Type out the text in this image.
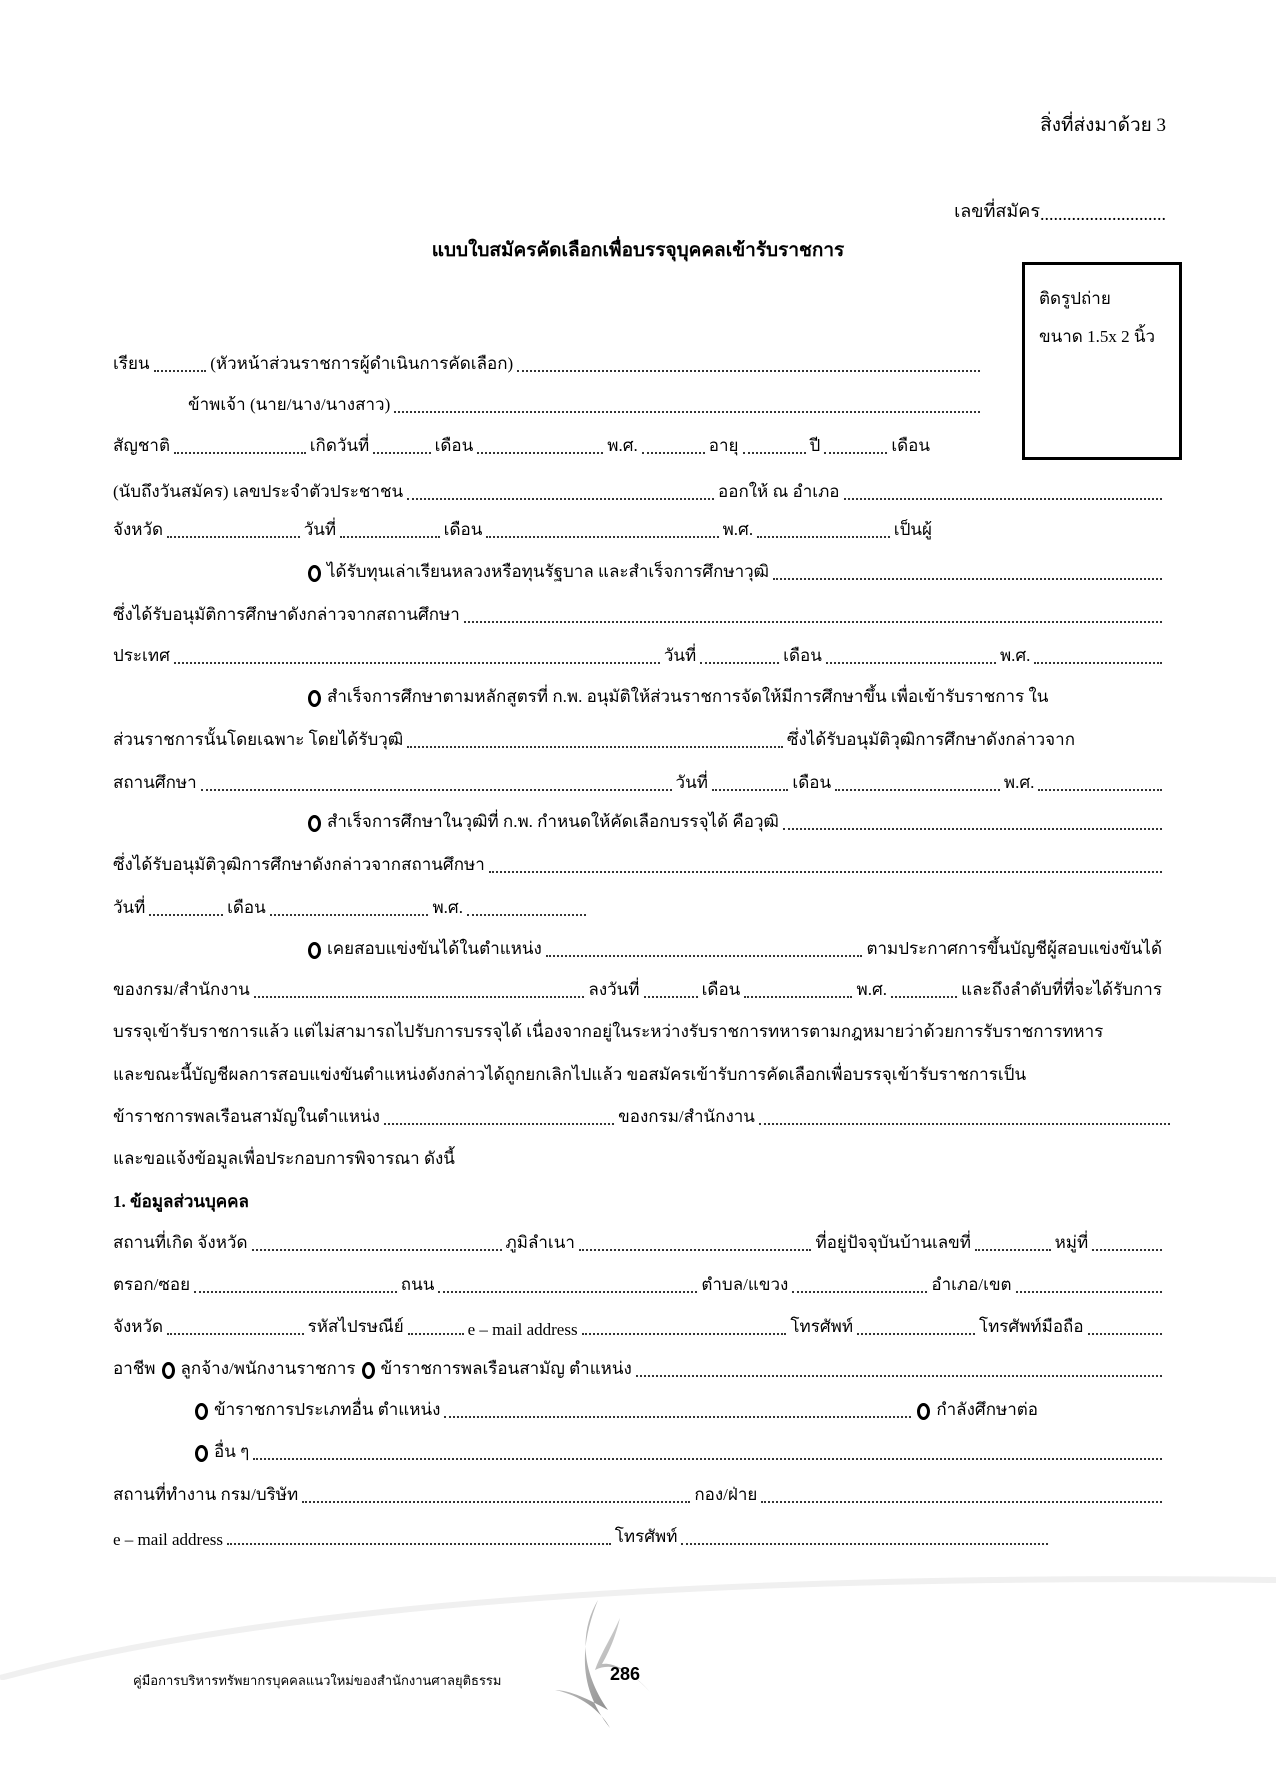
สิ่งที่ส่งมาด้วย 3
เลขที่สมัคร ............................
แบบใบสมัครคัดเลือกเพื่อบรรจุบุคคลเข้ารับราชการ
ติดรูปถ่าย
ขนาด 1.5x 2 นิ้ว
เรียน	(หัวหน้าส่วนราชการผู้ดำเนินการคัดเลือก)
ข้าพเจ้า (นาย/นาง/นางสาว)
สัญชาติ	เกิดวันที่	เดือน	พ.ศ.	อายุ	ปี	เดือน
(นับถึงวันสมัคร) เลขประจำตัวประชาชน	ออกให้ ณ อำเภอ
จังหวัด	วันที่	เดือน	พ.ศ.	เป็นผู้
ได้รับทุนเล่าเรียนหลวงหรือทุนรัฐบาล และสำเร็จการศึกษาวุฒิ
ซึ่งได้รับอนุมัติการศึกษาดังกล่าวจากสถานศึกษา
ประเทศ	วันที่	เดือน	พ.ศ.
สำเร็จการศึกษาตามหลักสูตรที่ ก.พ. อนุมัติให้ส่วนราชการจัดให้มีการศึกษาขึ้น เพื่อเข้ารับราชการ ใน
ส่วนราชการนั้นโดยเฉพาะ โดยได้รับวุฒิ	ซึ่งได้รับอนุมัติวุฒิการศึกษาดังกล่าวจาก
สถานศึกษา	วันที่	เดือน	พ.ศ.
สำเร็จการศึกษาในวุฒิที่ ก.พ. กำหนดให้คัดเลือกบรรจุได้ คือวุฒิ
ซึ่งได้รับอนุมัติวุฒิการศึกษาดังกล่าวจากสถานศึกษา
วันที่	เดือน	พ.ศ.
เคยสอบแข่งขันได้ในตำแหน่ง	ตามประกาศการขึ้นบัญชีผู้สอบแข่งขันได้
ของกรม/สำนักงาน	ลงวันที่	เดือน	พ.ศ.	และถึงลำดับที่ที่จะได้รับการ
บรรจุเข้ารับราชการแล้ว แต่ไม่สามารถไปรับการบรรจุได้ เนื่องจากอยู่ในระหว่างรับราชการทหารตามกฎหมายว่าด้วยการรับราชการทหาร
และขณะนี้บัญชีผลการสอบแข่งขันตำแหน่งดังกล่าวได้ถูกยกเลิกไปแล้ว ขอสมัครเข้ารับการคัดเลือกเพื่อบรรจุเข้ารับราชการเป็น
ข้าราชการพลเรือนสามัญในตำแหน่ง	ของกรม/สำนักงาน
และขอแจ้งข้อมูลเพื่อประกอบการพิจารณา ดังนี้
1. ข้อมูลส่วนบุคคล
สถานที่เกิด จังหวัด	ภูมิลำเนา	ที่อยู่ปัจจุบันบ้านเลขที่	หมู่ที่
ตรอก/ซอย	ถนน	ตำบล/แขวง	อำเภอ/เขต
จังหวัด	รหัสไปรษณีย์	e – mail address	โทรศัพท์	โทรศัพท์มือถือ
อาชีพ ลูกจ้าง/พนักงานราชการ ข้าราชการพลเรือนสามัญ ตำแหน่ง
ข้าราชการประเภทอื่น ตำแหน่ง	กำลังศึกษาต่อ
อื่น ๆ
สถานที่ทำงาน กรม/บริษัท	กอง/ฝ่าย
e – mail address	โทรศัพท์
คู่มือการบริหารทรัพยากรบุคคลแนวใหม่ของสำนักงานศาลยุติธรรม	286
